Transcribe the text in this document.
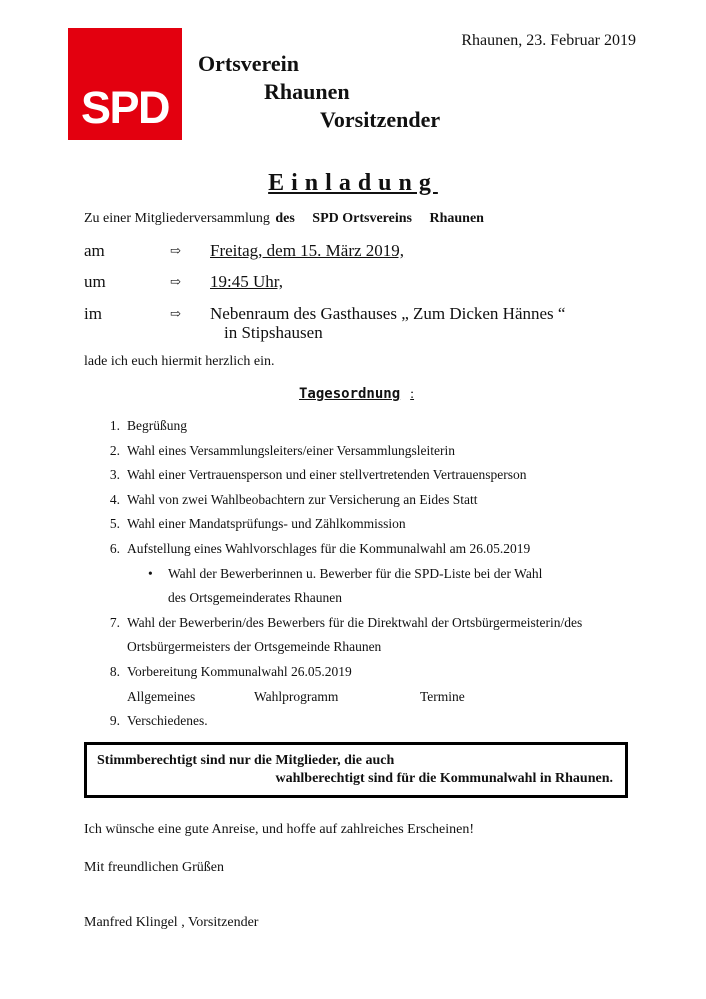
SPD
Ortsverein
Rhaunen
Vorsitzender
Rhaunen, 23. Februar 2019
Einladung
Zu einer Mitgliederversammlung des SPD Ortsvereins Rhaunen
am	⇨ Freitag, dem 15. März 2019,
um	⇨ 19:45 Uhr,
im	⇨ Nebenraum des Gasthauses „ Zum Dicken Hännes “
in Stipshausen
lade ich euch hiermit herzlich ein.
Tagesordnung :
1. Begrüßung
2. Wahl eines Versammlungsleiters/einer Versammlungsleiterin
3. Wahl einer Vertrauensperson und einer stellvertretenden Vertrauensperson
4. Wahl von zwei Wahlbeobachtern zur Versicherung an Eides Statt
5. Wahl einer Mandatsprüfungs- und Zählkommission
6. Aufstellung eines Wahlvorschlages für die Kommunalwahl am 26.05.2019
• Wahl der Bewerberinnen u. Bewerber für die SPD-Liste bei der Wahl
des Ortsgemeinderates Rhaunen
7. Wahl der Bewerberin/des Bewerbers für die Direktwahl der Ortsbürgermeisterin/des
Ortsbürgermeisters der Ortsgemeinde Rhaunen
8. Vorbereitung Kommunalwahl 26.05.2019
Allgemeines	Wahlprogramm	Termine
9. Verschiedenes.
Stimmberechtigt sind nur die Mitglieder, die auch
wahlberechtigt sind für die Kommunalwahl in Rhaunen.
Ich wünsche eine gute Anreise, und hoffe auf zahlreiches Erscheinen!
Mit freundlichen Grüßen
Manfred Klingel , Vorsitzender
